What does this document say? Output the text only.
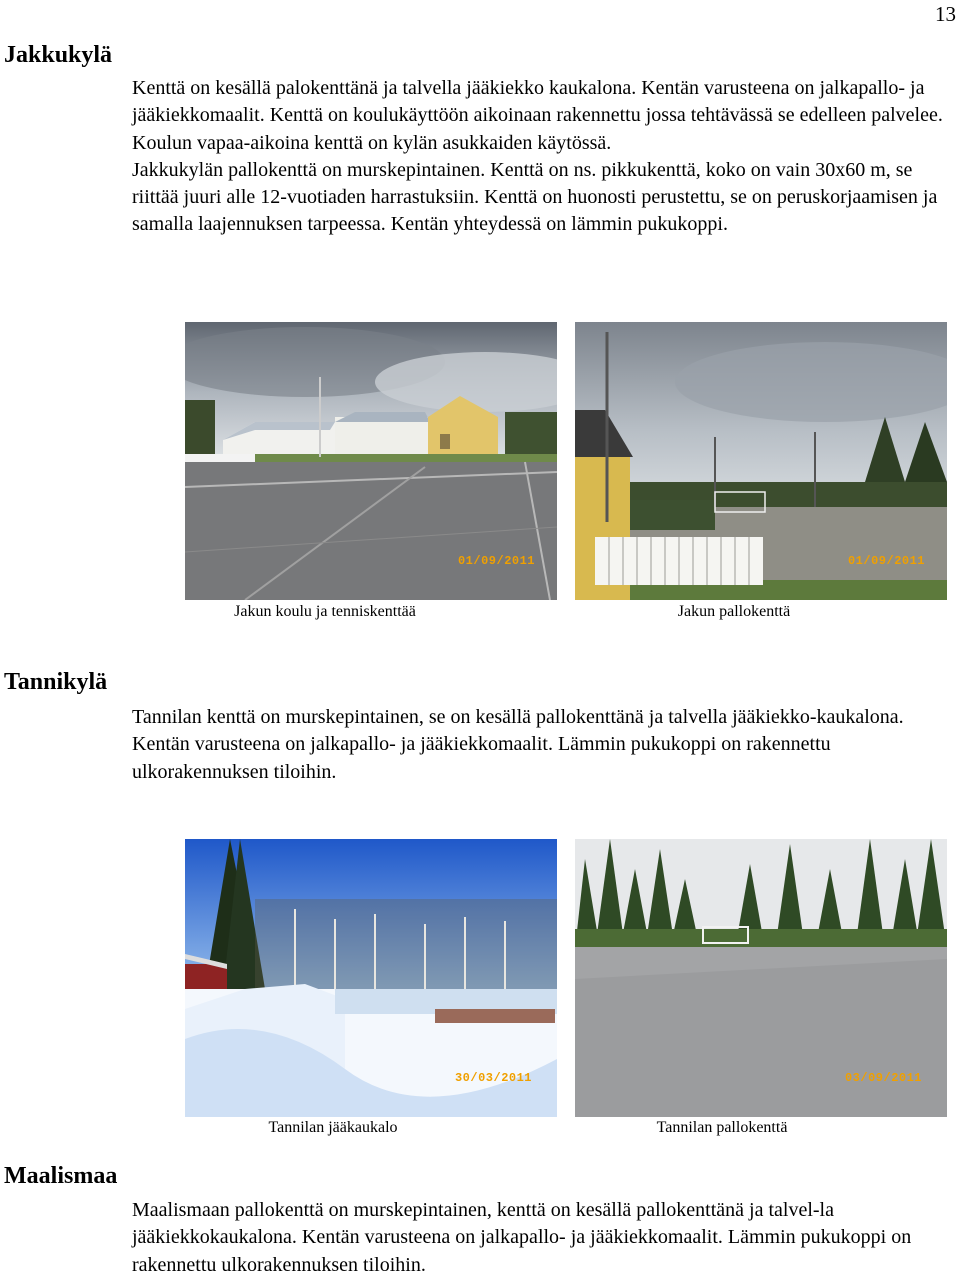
13
Jakkukylä

Kenttä on kesällä palokenttänä ja talvella jääkiekko kaukalona. Kentän varusteena on jalkapallo- ja jääkiekkomaalit. Kenttä on koulukäyttöön aikoinaan rakennettu jossa tehtävässä se edelleen palvelee. Koulun vapaa-aikoina kenttä on kylän asukkaiden käytössä.

Jakkukylän pallokenttä on murskepintainen. Kenttä on ns. pikkukenttä, koko on vain 30x60 m, se riittää juuri alle 12-vuotiaden harrastuksiin. Kenttä on huonosti perustettu, se on peruskorjaamisen ja samalla laajennuksen tarpeessa. Kentän yhteydessä on lämmin pukukoppi.

01/09/2011
Jakun koulu ja tenniskenttää
01/09/2011
Jakun pallokenttä
Tannikylä

Tannilan kenttä on murskepintainen, se on kesällä pallokenttänä ja talvella jääkiekko-kaukalona. Kentän varusteena on jalkapallo- ja jääkiekkomaalit. Lämmin pukukoppi on rakennettu ulkorakennuksen tiloihin.

30/03/2011
Tannilan jääkaukalo
03/09/2011
Tannilan pallokenttä
Maalismaa

Maalismaan pallokenttä on murskepintainen, kenttä on kesällä pallokenttänä ja talvel-la jääkiekkokaukalona. Kentän varusteena on jalkapallo- ja jääkiekkomaalit. Lämmin pukukoppi on rakennettu ulkorakennuksen tiloihin.
